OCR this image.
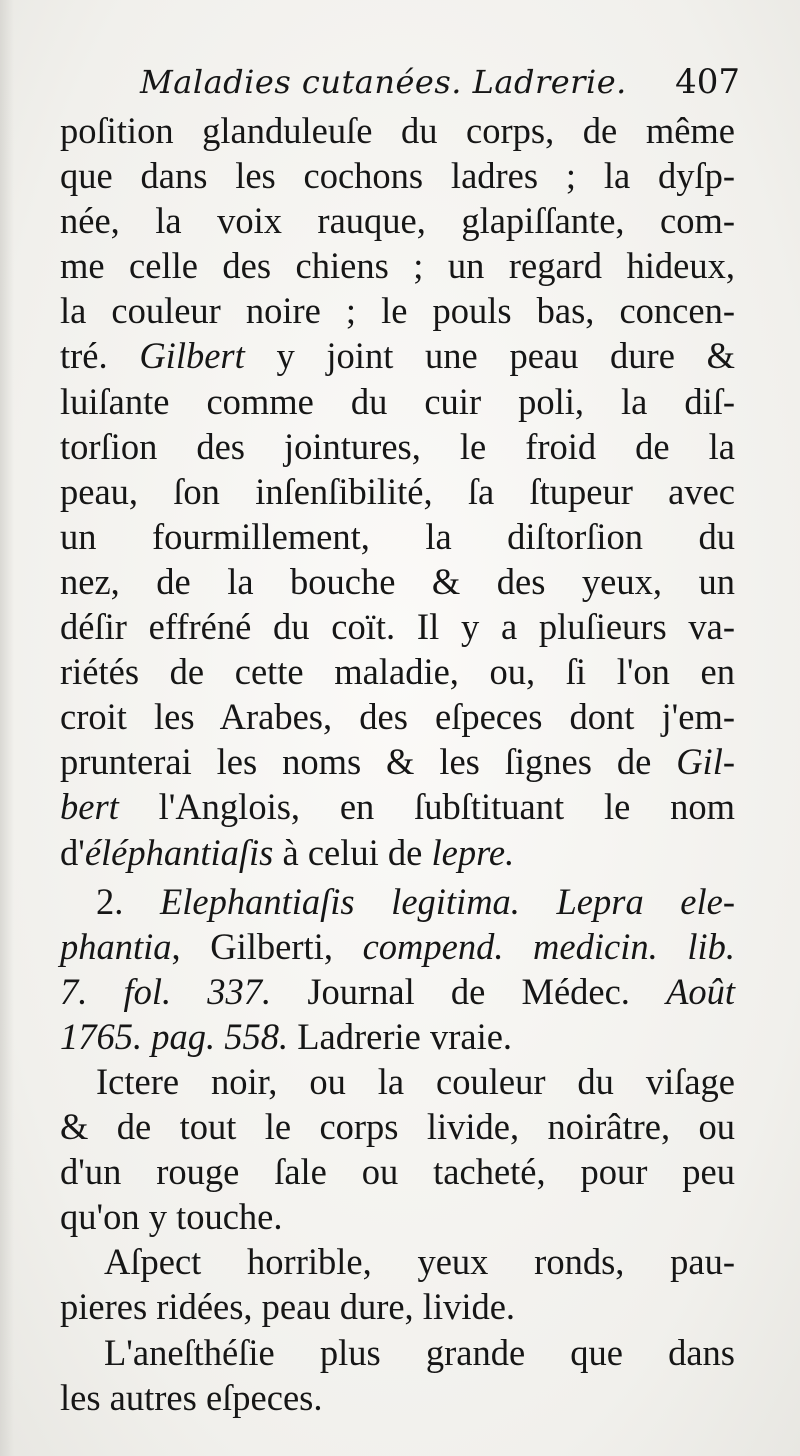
Maladies cutanées. Ladrerie. 407
poſition glanduleuſe du corps, de même
que dans les cochons ladres ; la dyſp-
née, la voix rauque, glapiſſante, com-
me celle des chiens ; un regard hideux,
la couleur noire ; le pouls bas, concen-
tré. Gilbert y joint une peau dure &
luiſante comme du cuir poli, la diſ-
torſion des jointures, le froid de la
peau, ſon inſenſibilité, ſa ſtupeur avec
un fourmillement, la diſtorſion du
nez, de la bouche & des yeux, un
déſir effréné du coït. Il y a pluſieurs va-
riétés de cette maladie, ou, ſi l'on en
croit les Arabes, des eſpeces dont j'em-
prunterai les noms & les ſignes de Gil-
bert l'Anglois, en ſubſtituant le nom
d'éléphantiaſis à celui de lepre.
2. Elephantiaſis legitima. Lepra ele-
phantia, Gilberti, compend. medicin. lib.
7. fol. 337. Journal de Médec. Août
1765. pag. 558. Ladrerie vraie.
Ictere noir, ou la couleur du viſage
& de tout le corps livide, noirâtre, ou
d'un rouge ſale ou tacheté, pour peu
qu'on y touche.
Aſpect horrible, yeux ronds, pau-
pieres ridées, peau dure, livide.
L'aneſthéſie plus grande que dans
les autres eſpeces.
